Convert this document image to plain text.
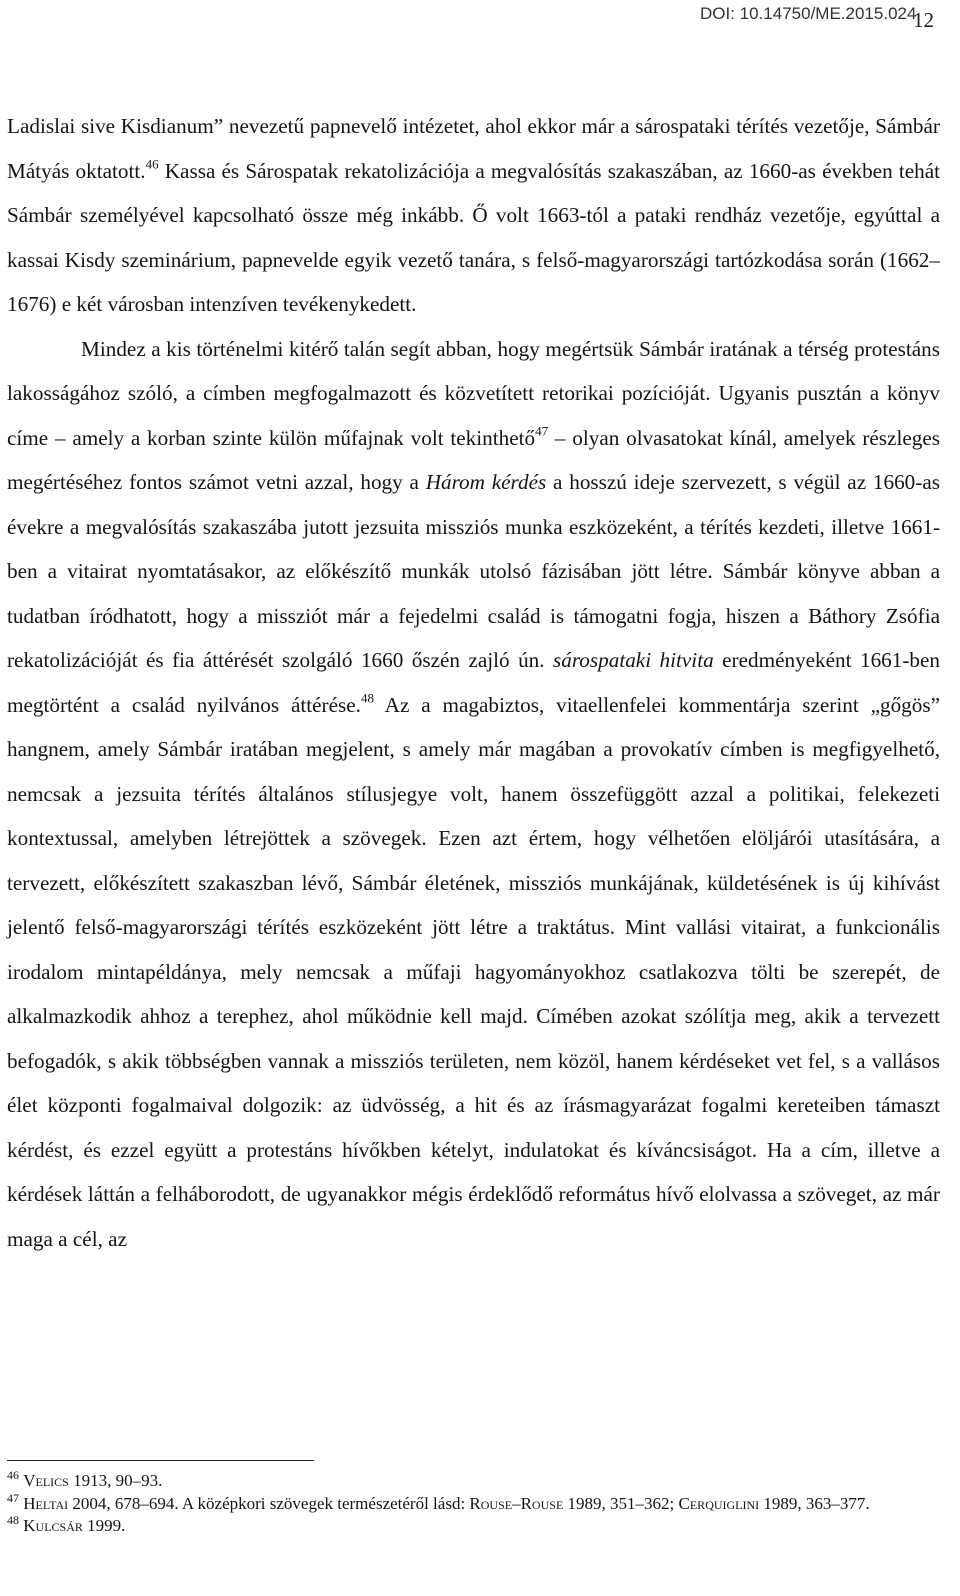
DOI: 10.14750/ME.2015.024
12

Ladislai sive Kisdianum” nevezetű papnevelő intézetet, ahol ekkor már a sárospataki térítés vezetője, Sámbár Mátyás oktatott.$^{46}$ Kassa és Sárospatak rekatolizációja a megvalósítás szakaszában, az 1660-as években tehát Sámbár személyével kapcsolható össze még inkább. Ő volt 1663-tól a pataki rendház vezetője, egyúttal a kassai Kisdy szeminárium, papnevelde egyik vezető tanára, s felső-magyarországi tartózkodása során (1662–1676) e két városban intenzíven tevékenykedett.

Mindez a kis történelmi kitérő talán segít abban, hogy megértsük Sámbár iratának a térség protestáns lakosságához szóló, a címben megfogalmazott és közvetített retorikai pozícióját. Ugyanis pusztán a könyv címe – amely a korban szinte külön műfajnak volt tekinthető$^{47}$ – olyan olvasatokat kínál, amelyek részleges megértéséhez fontos számot vetni azzal, hogy a Három kérdés a hosszú ideje szervezett, s végül az 1660-as évekre a megvalósítás szakaszába jutott jezsuita missziós munka eszközeként, a térítés kezdeti, illetve 1661-ben a vitairat nyomtatásakor, az előkészítő munkák utolsó fázisában jött létre. Sámbár könyve abban a tudatban íródhatott, hogy a missziót már a fejedelmi család is támogatni fogja, hiszen a Báthory Zsófia rekatolizációját és fia áttérését szolgáló 1660 őszén zajló ún. sárospataki hitvita eredményeként 1661-ben megtörtént a család nyilvános áttérése.$^{48}$ Az a magabiztos, vitaellenfelei kommentárja szerint „gőgös” hangnem, amely Sámbár iratában megjelent, s amely már magában a provokatív címben is megfigyelhető, nemcsak a jezsuita térítés általános stílusjegye volt, hanem összefüggött azzal a politikai, felekezeti kontextussal, amelyben létrejöttek a szövegek. Ezen azt értem, hogy vélhetően elöljárói utasítására, a tervezett, előkészített szakaszban lévő, Sámbár életének, missziós munkájának, küldetésének is új kihívást jelentő felső-magyarországi térítés eszközeként jött létre a traktátus. Mint vallási vitairat, a funkcionális irodalom mintapéldánya, mely nemcsak a műfaji hagyományokhoz csatlakozva tölti be szerepét, de alkalmazkodik ahhoz a terephez, ahol működnie kell majd. Címében azokat szólítja meg, akik a tervezett befogadók, s akik többségben vannak a missziós területen, nem közöl, hanem kérdéseket vet fel, s a vallásos élet központi fogalmaival dolgozik: az üdvösség, a hit és az írásmagyarázat fogalmi kereteiben támaszt kérdést, és ezzel együtt a protestáns hívőkben kételyt, indulatokat és kíváncsiságot. Ha a cím, illetve a kérdések láttán a felháborodott, de ugyanakkor mégis érdeklődő református hívő elolvassa a szöveget, az már maga a cél, az

$^{46}$ Velics 1913, 90–93.

$^{47}$ Heltai 2004, 678–694. A középkori szövegek természetéről lásd: Rouse–Rouse 1989, 351–362; Cerquiglini 1989, 363–377.

$^{48}$ Kulcsár 1999.
